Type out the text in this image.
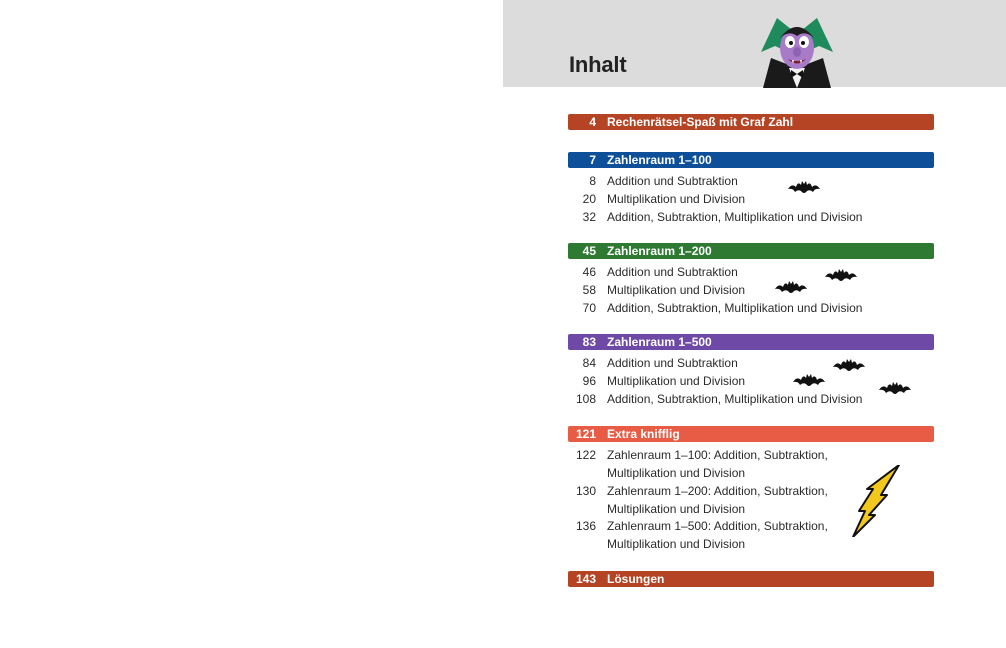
Inhalt
4 Rechenrätsel-Spaß mit Graf Zahl
7 Zahlenraum 1–100
8 Addition und Subtraktion
20 Multiplikation und Division
32 Addition, Subtraktion, Multiplikation und Division
45 Zahlenraum 1–200
46 Addition und Subtraktion
58 Multiplikation und Division
70 Addition, Subtraktion, Multiplikation und Division
83 Zahlenraum 1–500
84 Addition und Subtraktion
96 Multiplikation und Division
108 Addition, Subtraktion, Multiplikation und Division
121 Extra knifflig
122 Zahlenraum 1–100: Addition, Subtraktion, Multiplikation und Division
130 Zahlenraum 1–200: Addition, Subtraktion, Multiplikation und Division
136 Zahlenraum 1–500: Addition, Subtraktion, Multiplikation und Division
143 Lösungen
